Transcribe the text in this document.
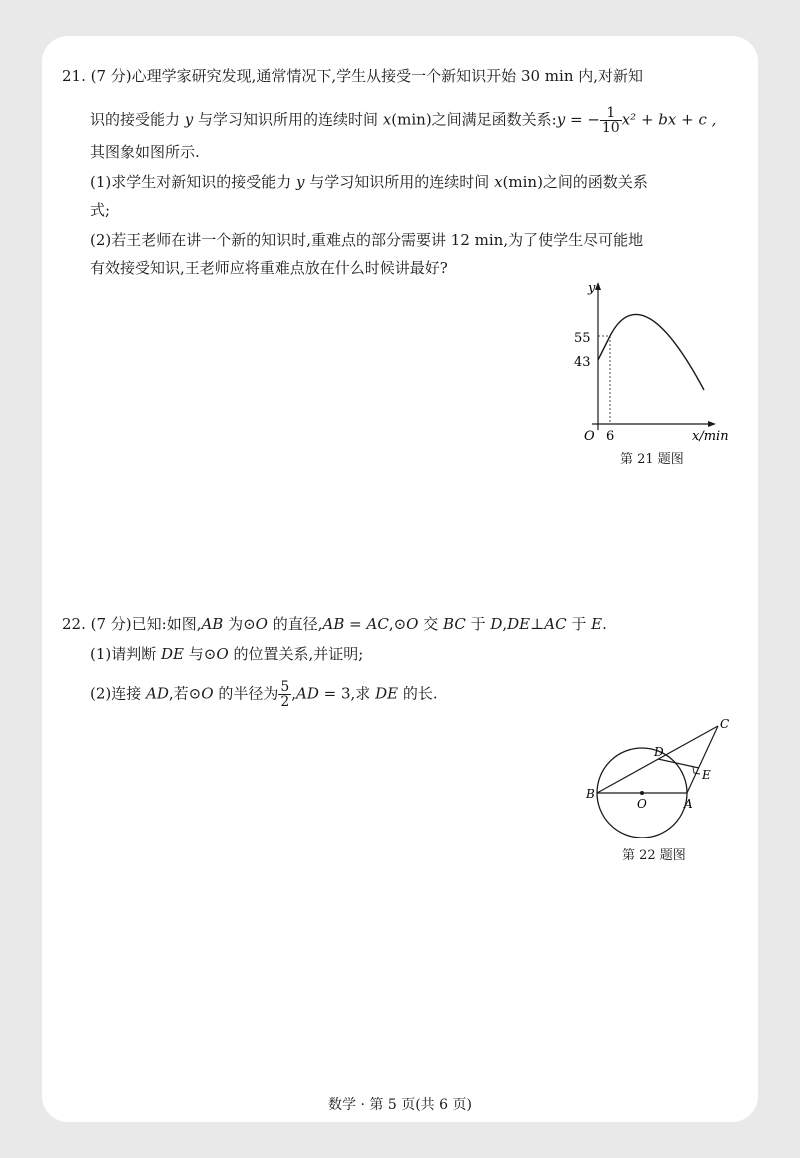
21. (7 分)心理学家研究发现,通常情况下,学生从接受一个新知识开始 30 min 内,对新知
识的接受能力 y 与学习知识所用的连续时间 x(min)之间满足函数关系:y = − $\frac{1}{10} x^2$ + bx + c ,
其图象如图所示.
(1)求学生对新知识的接受能力 y 与学习知识所用的连续时间 x(min)之间的函数关系
式;
(2)若王老师在讲一个新的知识时,重难点的部分需要讲 12 min,为了使学生尽可能地
有效接受知识,王老师应将重难点放在什么时候讲最好?
y
55
43
O 6	x/min
第 21 题图
22. (7 分)已知:如图,AB 为⊙O 的直径,AB = AC,⊙O 交 BC 于 D,DE⊥AC 于 E.
(1)请判断 DE 与⊙O 的位置关系,并证明;
(2)连接 AD,若⊙O 的半径为 $\frac{5}{2} ,AD = 3$,求 DE 的长.
B
O	A
C
D
E
第 22 题图
数学 · 第 5 页(共 6 页)
